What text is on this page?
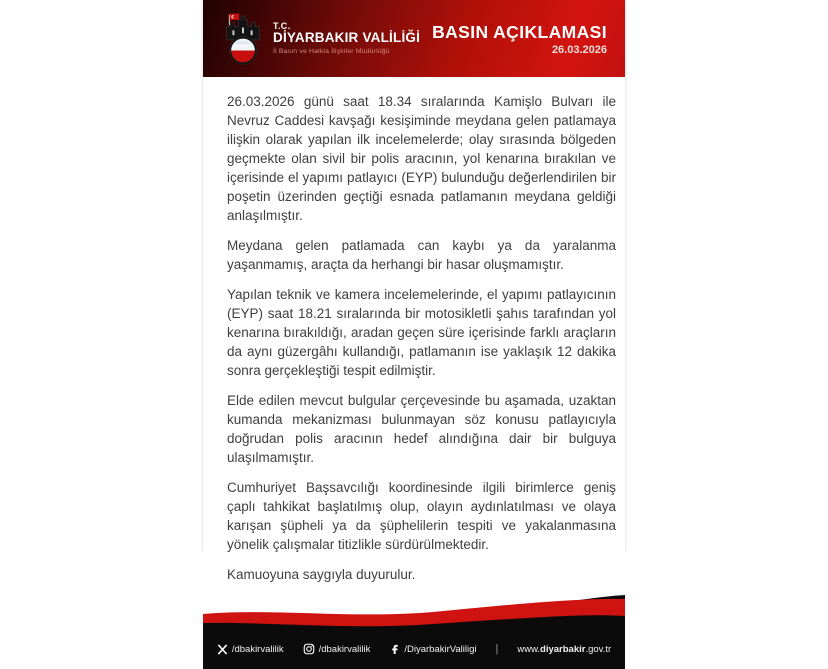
T.C.
DİYARBAKIR VALİLİĞİ
İl Basın ve Halkla İlişkiler Müdürlüğü
BASIN AÇIKLAMASI
26.03.2026

26.03.2026 günü saat 18.34 sıralarında Kamişlo Bulvarı ile Nevruz Caddesi kavşağı kesişiminde meydana gelen patlamaya ilişkin olarak yapılan ilk incelemelerde; olay sırasında bölgeden geçmekte olan sivil bir polis aracının, yol kenarına bırakılan ve içerisinde el yapımı patlayıcı (EYP) bulunduğu değerlendirilen bir poşetin üzerinden geçtiği esnada patlamanın meydana geldiği anlaşılmıştır.

Meydana gelen patlamada can kaybı ya da yaralanma yaşanmamış, araçta da herhangi bir hasar oluşmamıştır.

Yapılan teknik ve kamera incelemelerinde, el yapımı patlayıcının (EYP) saat 18.21 sıralarında bir motosikletli şahıs tarafından yol kenarına bırakıldığı, aradan geçen süre içerisinde farklı araçların da aynı güzergâhı kullandığı, patlamanın ise yaklaşık 12 dakika sonra gerçekleştiği tespit edilmiştir.

Elde edilen mevcut bulgular çerçevesinde bu aşamada, uzaktan kumanda mekanizması bulunmayan söz konusu patlayıcıyla doğrudan polis aracının hedef alındığına dair bir bulguya ulaşılmamıştır.

Cumhuriyet Başsavcılığı koordinesinde ilgili birimlerce geniş çaplı tahkikat başlatılmış olup, olayın aydınlatılması ve olaya karışan şüpheli ya da şüphelilerin tespiti ve yakalanmasına yönelik çalışmalar titizlikle sürdürülmektedir.

Kamuoyuna saygıyla duyurulur.

/dbakirvalilik	/dbakirvalilik	/DiyarbakirValiligi | www.diyarbakir.gov.tr
